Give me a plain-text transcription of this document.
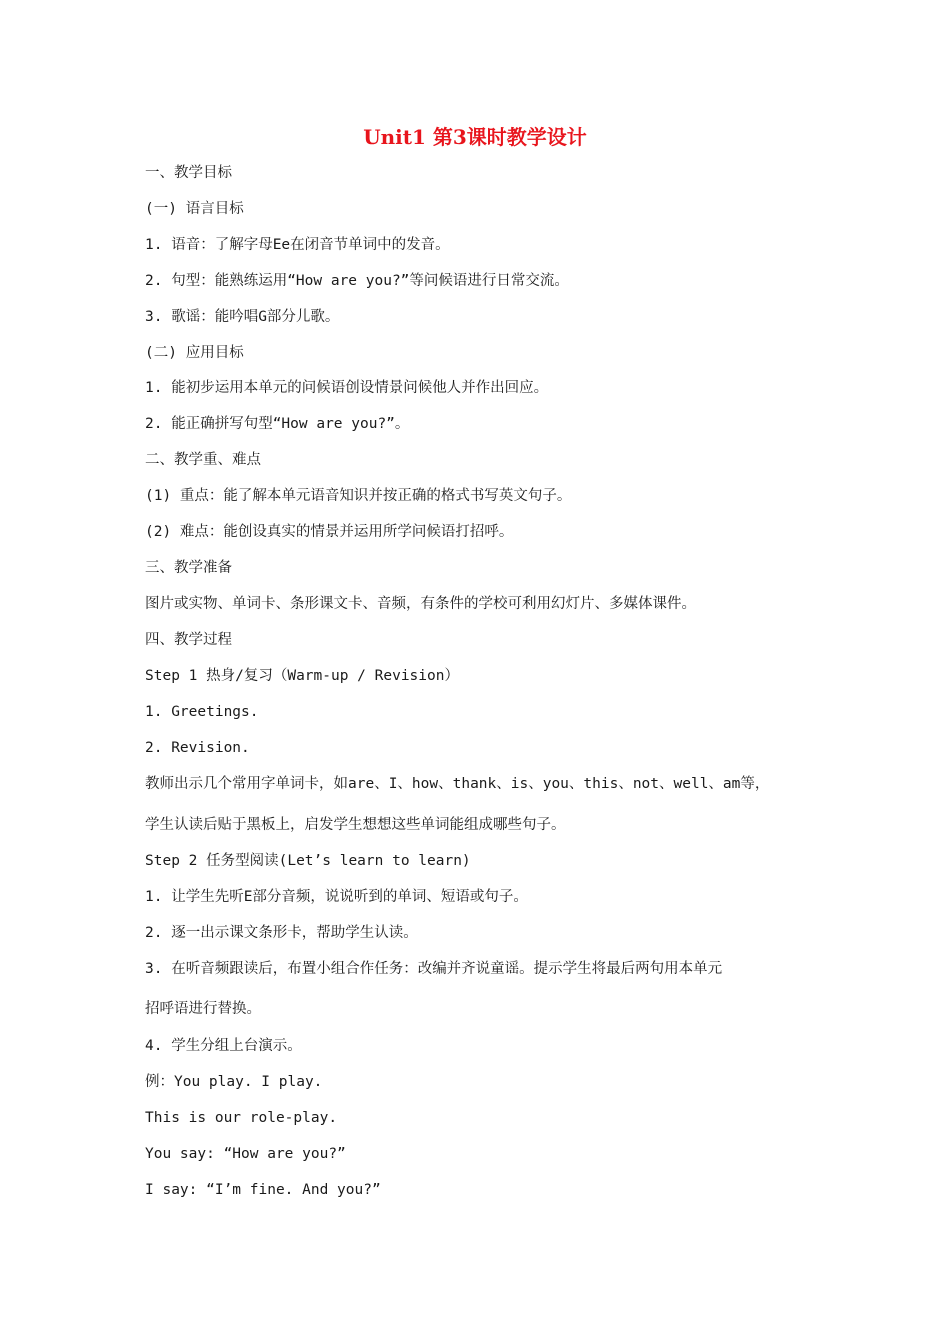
Unit1 第3课时教学设计
一、教学目标
(一) 语言目标
1. 语音：了解字母Ee在闭音节单词中的发音。
2. 句型：能熟练运用“How are you?”等问候语进行日常交流。
3. 歌谣：能吟唱G部分儿歌。
(二) 应用目标
1. 能初步运用本单元的问候语创设情景问候他人并作出回应。
2. 能正确拼写句型“How are you?”。
二、教学重、难点
(1) 重点：能了解本单元语音知识并按正确的格式书写英文句子。
(2) 难点：能创设真实的情景并运用所学问候语打招呼。
三、教学准备
图片或实物、单词卡、条形课文卡、音频，有条件的学校可利用幻灯片、多媒体课件。
四、教学过程
Step 1 热身/复习（Warm-up / Revision）
1. Greetings.
2. Revision.
教师出示几个常用字单词卡，如are、I、how、thank、is、you、this、not、well、am等，
学生认读后贴于黑板上，启发学生想想这些单词能组成哪些句子。
Step 2 任务型阅读(Let’s learn to learn)
1. 让学生先听E部分音频，说说听到的单词、短语或句子。
2. 逐一出示课文条形卡，帮助学生认读。
3. 在听音频跟读后，布置小组合作任务：改编并齐说童谣。提示学生将最后两句用本单元
招呼语进行替换。
4. 学生分组上台演示。
例：You play. I play.
This is our role-play.
You say: “How are you?”
I say: “I’m fine. And you?”
